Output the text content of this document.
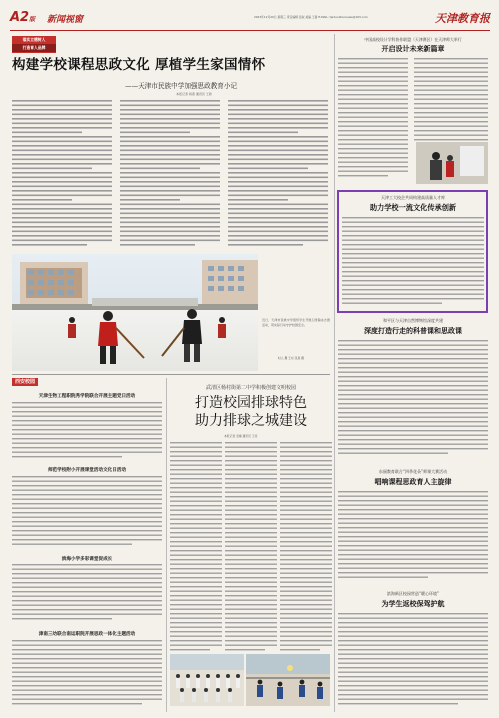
A2版 新闻视窗	2023年12月20日 星期三 责任编辑 张淑 美编 王蕾 E-MAIL: tjeducationnews@163.com	天津教育报
落实立德树人
打造育人品牌
构建学校课程思政文化 厚植学生家国情怀
——天津市民族中学加强思政教育小记
本报记者 杨燕 通讯员 王新
近日，天津市民族中学组织学生开展扫雪除冰志愿活动，用实际行动守护校园安全。
时人 摄 王东 张昊 摄
西安校园
天津生物工程职院秀学院联合开展主题党日活动
师范学校附小开展课堂活动文化日活动
滨海小学多彩课堂促成长
津南三幼联合南运职院开展思政一体化主题活动
武清区杨村街第二中学积极创建文明校园
打造校园排球特色
助力排球之城建设
本报记者 吴楠 通讯员 王亮
中国高校设计学科协作联盟（天津赛区）在天津师大举行
开启设计未来新篇章
天津工大校企共同构建高质量人才库
助力学校一流文化传承创新
和平区与天津自然博物馆深度共建
深度打造行走的科普课和思政课
东丽教育联合“四季花朵”师课大赛活动
唱响课程思政育人主旋律
滨海新区校园营造“暖心环境”
为学生返校保驾护航
